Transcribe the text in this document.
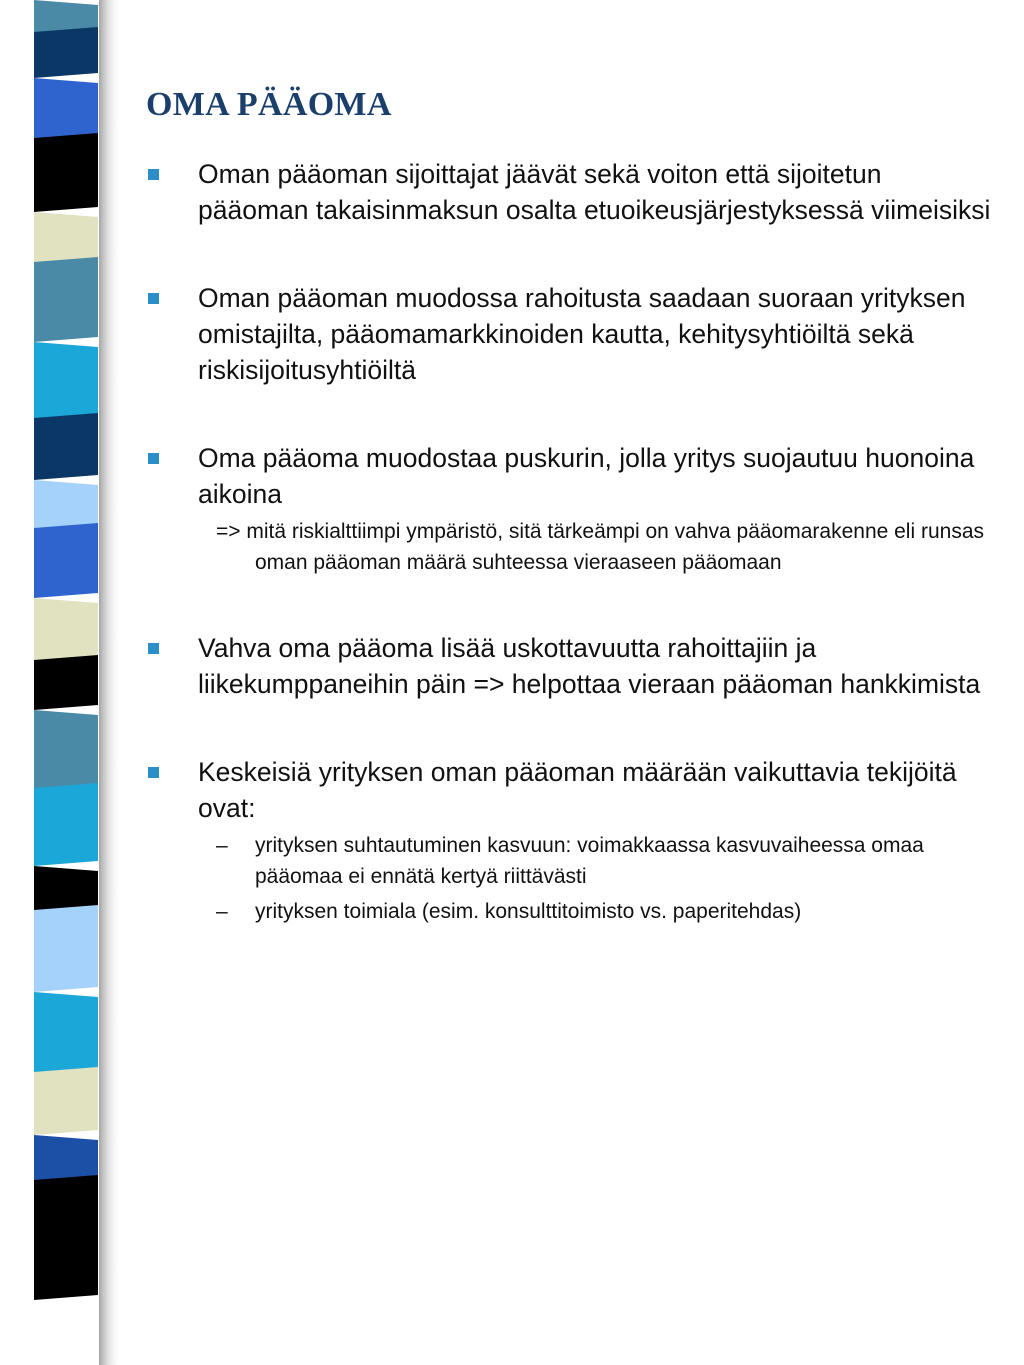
OMA PÄÄOMA
Oman pääoman sijoittajat jäävät sekä voiton että sijoitetun pääoman takaisinmaksun osalta etuoikeusjärjestyksessä viimeisiksi
Oman pääoman muodossa rahoitusta saadaan suoraan yrityksen omistajilta, pääomamarkkinoiden kautta, kehitysyhtiöiltä sekä riskisijoitusyhtiöiltä
Oma pääoma muodostaa puskurin, jolla yritys suojautuu huonoina aikoina
=> mitä riskialttiimpi ympäristö, sitä tärkeämpi on vahva pääomarakenne eli runsas oman pääoman määrä suhteessa vieraaseen pääomaan
Vahva oma pääoma lisää uskottavuutta rahoittajiin ja liikekumppaneihin päin => helpottaa vieraan pääoman hankkimista
Keskeisiä yrityksen oman pääoman määrään vaikuttavia tekijöitä ovat:
– yrityksen suhtautuminen kasvuun: voimakkaassa kasvuvaiheessa omaa pääomaa ei ennätä kertyä riittävästi
– yrityksen toimiala (esim. konsulttitoimisto vs. paperitehdas)
